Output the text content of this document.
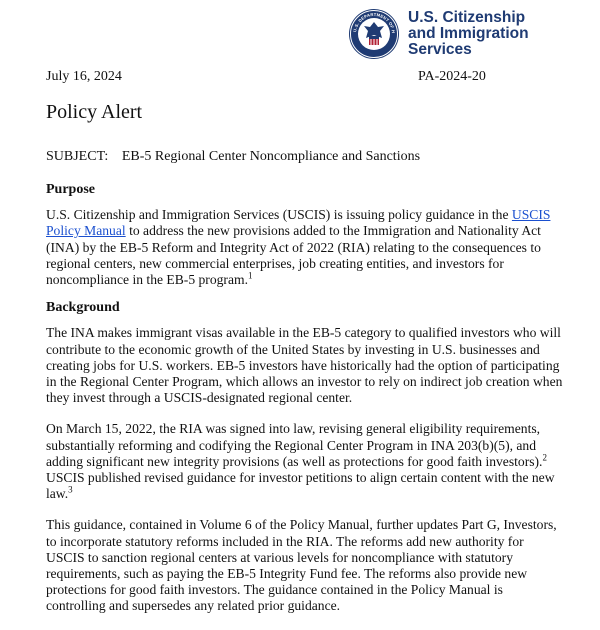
U.S. DEPARTMENT OF H
U.S. Citizenship
and Immigration
Services
July 16, 2024	PA-2024-20
Policy Alert
SUBJECT: EB-5 Regional Center Noncompliance and Sanctions
Purpose

U.S. Citizenship and Immigration Services (USCIS) is issuing policy guidance in the USCIS Policy Manual to address the new provisions added to the Immigration and Nationality Act (INA) by the EB-5 Reform and Integrity Act of 2022 (RIA) relating to the consequences to regional centers, new commercial enterprises, job creating entities, and investors for noncompliance in the EB-5 program.$^1$

Background

The INA makes immigrant visas available in the EB-5 category to qualified investors who will contribute to the economic growth of the United States by investing in U.S. businesses and creating jobs for U.S. workers. EB-5 investors have historically had the option of participating in the Regional Center Program, which allows an investor to rely on indirect job creation when they invest through a USCIS-designated regional center.

On March 15, 2022, the RIA was signed into law, revising general eligibility requirements, substantially reforming and codifying the Regional Center Program in INA 203(b)(5), and adding significant new integrity provisions (as well as protections for good faith investors).$^2$ USCIS published revised guidance for investor petitions to align certain content with the new law.$^3$

This guidance, contained in Volume 6 of the Policy Manual, further updates Part G, Investors, to incorporate statutory reforms included in the RIA. The reforms add new authority for USCIS to sanction regional centers at various levels for noncompliance with statutory requirements, such as paying the EB-5 Integrity Fund fee. The reforms also provide new protections for good faith investors. The guidance contained in the Policy Manual is controlling and supersedes any related prior guidance.
